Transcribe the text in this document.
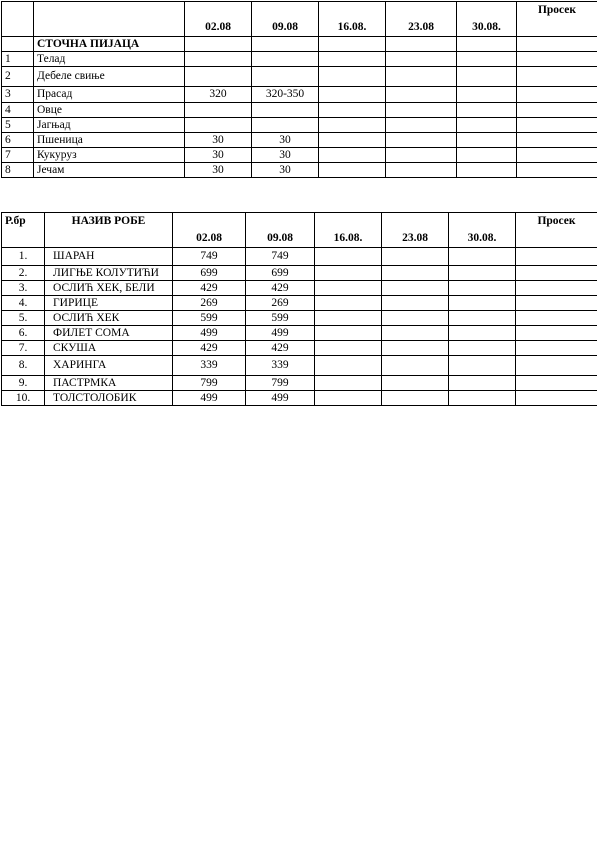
		02.08	09.08	16.08.	23.08	30.08.	Просек
	СТОЧНА ПИЈАЦА						
1	Телад						
2	Дебеле свиње						
3	Прасад	320	320-350				
4	Овце						
5	Јагњад						
6	Пшеница	30	30				
7	Кукуруз	30	30				
8	Јечам	30	30				
Р.бр	НАЗИВ РОБЕ	02.08	09.08	16.08.	23.08	30.08.	Просек
1.	ШАРАН	749	749				
2.	ЛИГЊЕ КОЛУТИЋИ	699	699				
3.	ОСЛИЋ ХЕК, БЕЛИ	429	429				
4.	ГИРИЦЕ	269	269				
5.	ОСЛИЋ ХЕК	599	599				
6.	ФИЛЕТ СОМА	499	499				
7.	СКУША	429	429				
8.	ХАРИНГА	339	339				
9.	ПАСТРМКА	799	799				
10.	ТОЛСТОЛОБИК	499	499				
